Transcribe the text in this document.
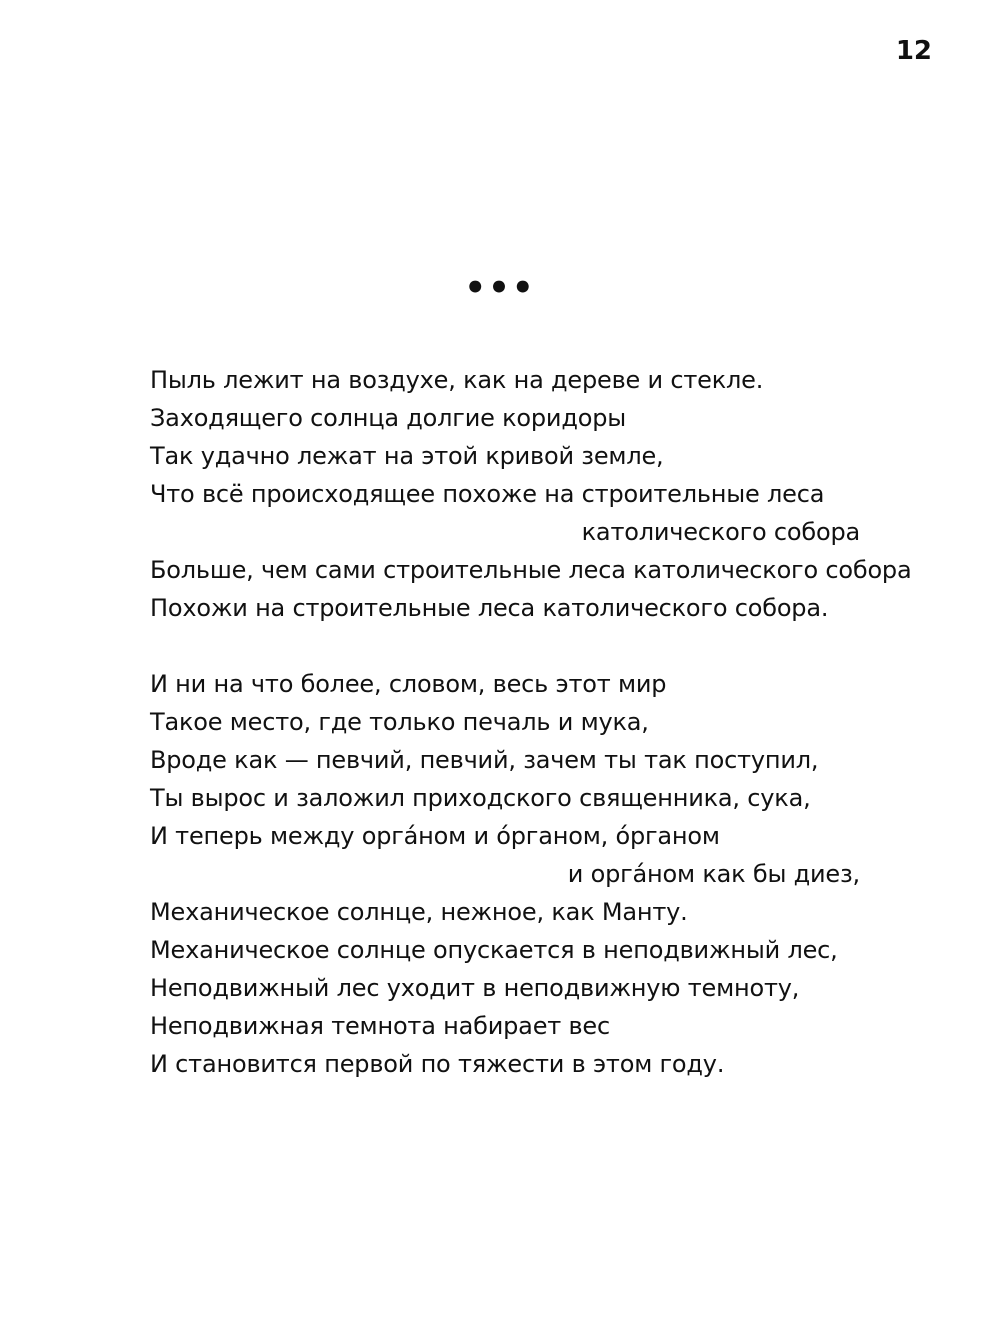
12
•••
Пыль лежит на воздухе, как на дереве и стекле.
Заходящего солнца долгие коридоры
Так удачно лежат на этой кривой земле,
Что всё происходящее похоже на строительные леса
католического собора
Больше, чем сами строительные леса католического собора
Похожи на строительные леса католического собора.
И ни на что более, словом, весь этот мир
Такое место, где только печаль и мука,
Вроде как — певчий, певчий, зачем ты так поступил,
Ты вырос и заложил приходского священника, сука,
И теперь между орга́ном и о́рганом, о́рганом
и орга́ном как бы диез,
Механическое солнце, нежное, как Манту.
Механическое солнце опускается в неподвижный лес,
Неподвижный лес уходит в неподвижную темноту,
Неподвижная темнота набирает вес
И становится первой по тяжести в этом году.
